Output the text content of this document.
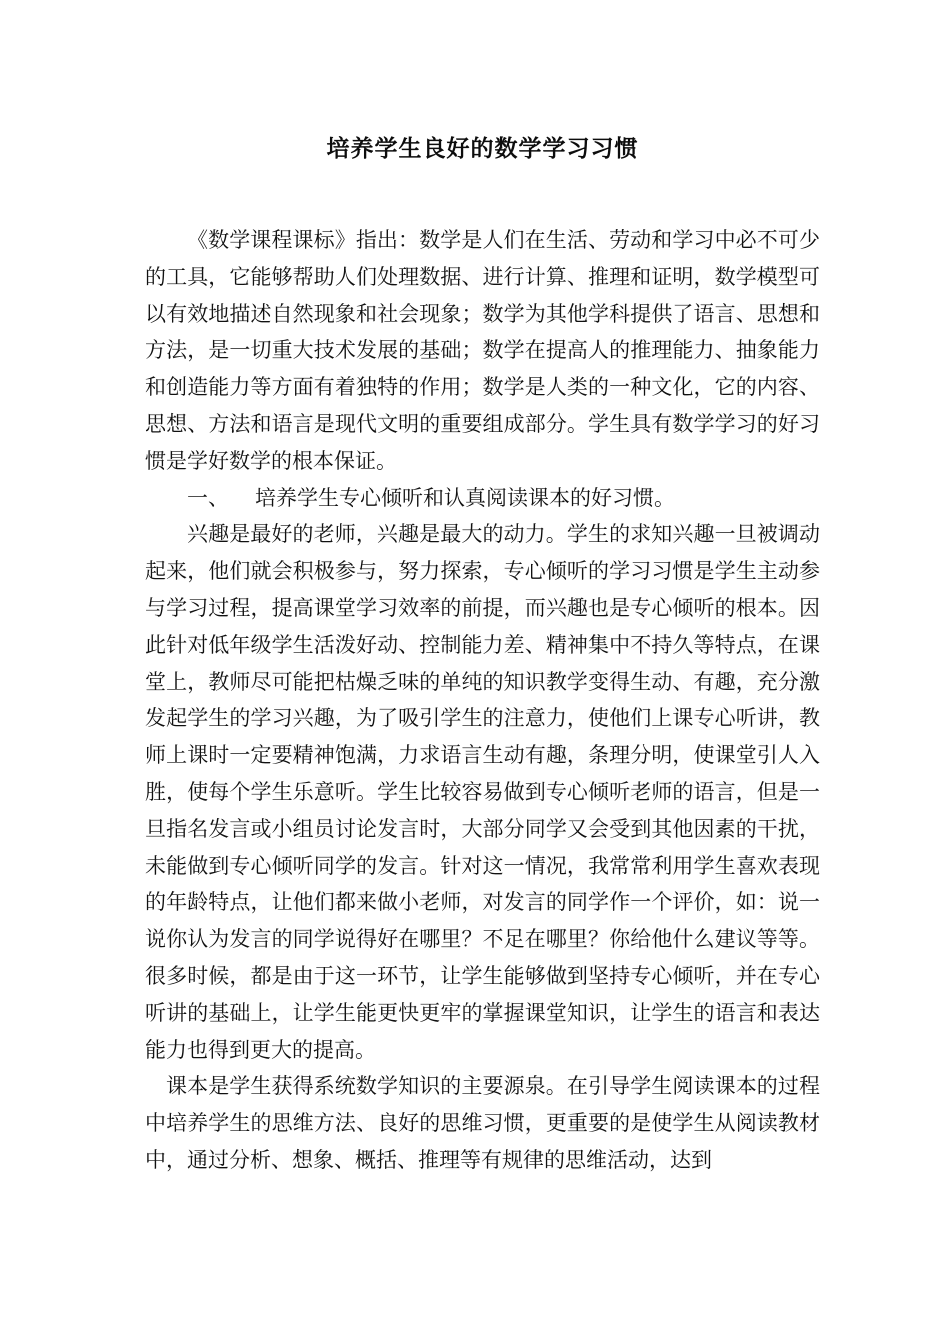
培养学生良好的数学学习习惯

《数学课程课标》指出：数学是人们在生活、劳动和学习中必不可少的工具，它能够帮助人们处理数据、进行计算、推理和证明，数学模型可以有效地描述自然现象和社会现象；数学为其他学科提供了语言、思想和方法，是一切重大技术发展的基础；数学在提高人的推理能力、抽象能力和创造能力等方面有着独特的作用；数学是人类的一种文化，它的内容、思想、方法和语言是现代文明的重要组成部分。学生具有数学学习的好习惯是学好数学的根本保证。

一、 培养学生专心倾听和认真阅读课本的好习惯。

兴趣是最好的老师，兴趣是最大的动力。学生的求知兴趣一旦被调动起来，他们就会积极参与，努力探索，专心倾听的学习习惯是学生主动参与学习过程，提高课堂学习效率的前提，而兴趣也是专心倾听的根本。因此针对低年级学生活泼好动、控制能力差、精神集中不持久等特点，在课堂上，教师尽可能把枯燥乏味的单纯的知识教学变得生动、有趣，充分激发起学生的学习兴趣，为了吸引学生的注意力，使他们上课专心听讲，教师上课时一定要精神饱满，力求语言生动有趣，条理分明，使课堂引人入胜，使每个学生乐意听。学生比较容易做到专心倾听老师的语言，但是一旦指名发言或小组员讨论发言时，大部分同学又会受到其他因素的干扰，未能做到专心倾听同学的发言。针对这一情况，我常常利用学生喜欢表现的年龄特点，让他们都来做小老师，对发言的同学作一个评价，如：说一说你认为发言的同学说得好在哪里？不足在哪里？你给他什么建议等等。很多时候，都是由于这一环节，让学生能够做到坚持专心倾听，并在专心听讲的基础上，让学生能更快更牢的掌握课堂知识，让学生的语言和表达能力也得到更大的提高。

课本是学生获得系统数学知识的主要源泉。在引导学生阅读课本的过程中培养学生的思维方法、良好的思维习惯，更重要的是使学生从阅读教材中，通过分析、想象、概括、推理等有规律的思维活动，达到
